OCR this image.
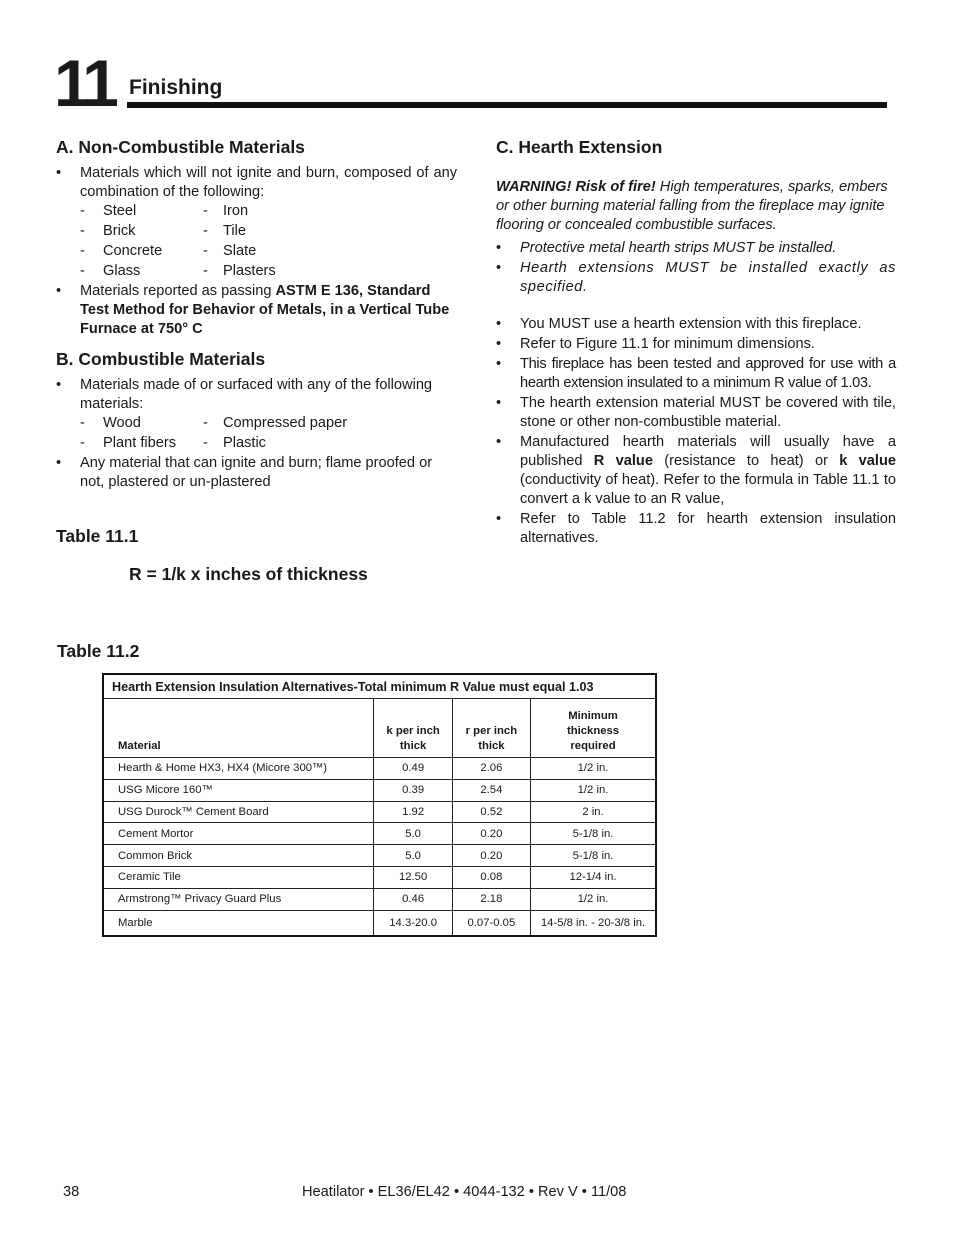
11 Finishing
A. Non-Combustible Materials

• Materials which will not ignite and burn, composed of any combination of the following:

- Steel	- Iron
- Brick	- Tile
- Concrete	- Slate
- Glass	- Plasters

• Materials reported as passing ASTM E 136, Standard Test Method for Behavior of Metals, in a Vertical Tube Furnace at 750° C

B. Combustible Materials

• Materials made of or surfaced with any of the following materials:

- Wood	- Compressed paper
- Plant fibers - Plastic

• Any material that can ignite and burn; flame proofed or not, plastered or un-plastered

Table 11.1
R = 1/k x inches of thickness
C. Hearth Extension
WARNING! Risk of fire! High temperatures, sparks, embers or other burning material falling from the fireplace may ignite flooring or concealed combustible surfaces.

• Protective metal hearth strips MUST be installed.

• Hearth extensions MUST be installed exactly as specified.

• You MUST use a hearth extension with this fireplace.

• Refer to Figure 11.1 for minimum dimensions.

• This fireplace has been tested and approved for use with a hearth extension insulated to a minimum R value of 1.03.

• The hearth extension material MUST be covered with tile, stone or other non-combustible material.

• Manufactured hearth materials will usually have a published R value (resistance to heat) or k value (conductivity of heat). Refer to the formula in Table 11.1 to convert a k value to an R value,

• Refer to Table 11.2 for hearth extension insulation alternatives.

Table 11.2
Hearth Extension Insulation Alternatives-Total minimum R Value must equal 1.03			
Material	k per inch thick	r per inch thick	Minimum thickness required

Hearth & Home HX3, HX4 (Micore 300™)	0.49	2.06	1/2 in.
USG Micore 160™	0.39	2.54	1/2 in.
USG Durock™ Cement Board	1.92	0.52	2 in.
Cement Mortor	5.0	0.20	5-1/8 in.
Common Brick	5.0	0.20	5-1/8 in.
Ceramic Tile	12.50	0.08	12-1/4 in.
Armstrong™ Privacy Guard Plus	0.46	2.18	1/2 in.
Marble	14.3-20.0	0.07-0.05	14-5/8 in. - 20-3/8 in.
38	Heatilator • EL36/EL42 • 4044-132 • Rev V • 11/08
